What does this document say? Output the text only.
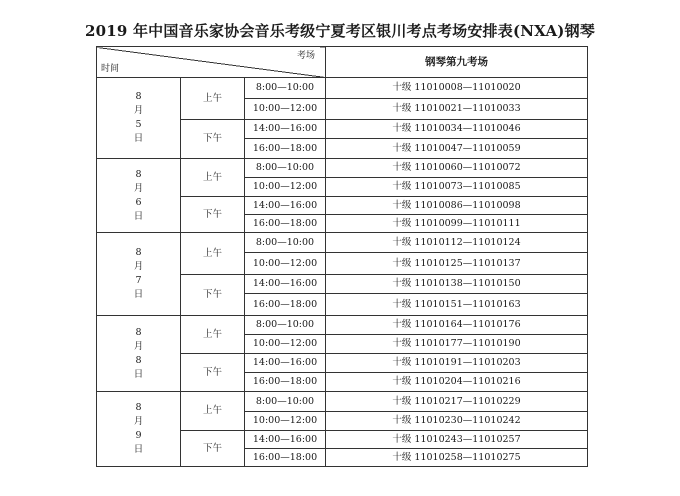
2019 年中国音乐家协会音乐考级宁夏考区银川考点考场安排表(NXA)钢琴
考场
时间			钢琴第九考场

8
月
5
日	上午	8:00—10:00	十级 11010008—11010020
		10:00—12:00	十级 11010021—11010033
	下午	14:00—16:00	十级 11010034—11010046
		16:00—18:00	十级 11010047—11010059

8
月
6
日	上午	8:00—10:00	十级 11010060—11010072
		10:00—12:00	十级 11010073—11010085
	下午	14:00—16:00	十级 11010086—11010098
		16:00—18:00	十级 11010099—11010111

8
月
7
日	上午	8:00—10:00	十级 11010112—11010124
		10:00—12:00	十级 11010125—11010137
	下午	14:00—16:00	十级 11010138—11010150
		16:00—18:00	十级 11010151—11010163

8
月
8
日	上午	8:00—10:00	十级 11010164—11010176
		10:00—12:00	十级 11010177—11010190
	下午	14:00—16:00	十级 11010191—11010203
		16:00—18:00	十级 11010204—11010216

8
月
9
日	上午	8:00—10:00	十级 11010217—11010229
		10:00—12:00	十级 11010230—11010242
	下午	14:00—16:00	十级 11010243—11010257
		16:00—18:00	十级 11010258—11010275
